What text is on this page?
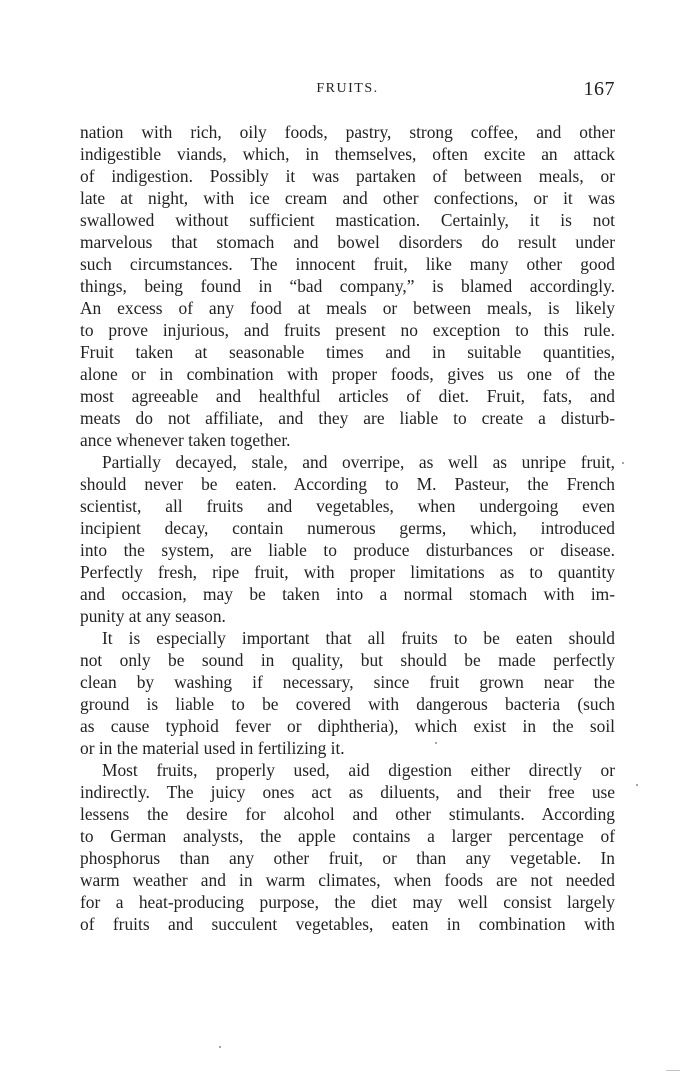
FRUITS.	167
nation with rich, oily foods, pastry, strong coffee, and other
indigestible viands, which, in themselves, often excite an attack
of indigestion. Possibly it was partaken of between meals, or
late at night, with ice cream and other confections, or it was
swallowed without sufficient mastication. Certainly, it is not
marvelous that stomach and bowel disorders do result under
such circumstances. The innocent fruit, like many other good
things, being found in “bad company,” is blamed accordingly.
An excess of any food at meals or between meals, is likely
to prove injurious, and fruits present no exception to this rule.
Fruit taken at seasonable times and in suitable quantities,
alone or in combination with proper foods, gives us one of the
most agreeable and healthful articles of diet. Fruit, fats, and
meats do not affiliate, and they are liable to create a disturb-
ance whenever taken together.
Partially decayed, stale, and overripe, as well as unripe fruit,
should never be eaten. According to M. Pasteur, the French
scientist, all fruits and vegetables, when undergoing even
incipient decay, contain numerous germs, which, introduced
into the system, are liable to produce disturbances or disease.
Perfectly fresh, ripe fruit, with proper limitations as to quantity
and occasion, may be taken into a normal stomach with im-
punity at any season.
It is especially important that all fruits to be eaten should
not only be sound in quality, but should be made perfectly
clean by washing if necessary, since fruit grown near the
ground is liable to be covered with dangerous bacteria (such
as cause typhoid fever or diphtheria), which exist in the soil
or in the material used in fertilizing it.
Most fruits, properly used, aid digestion either directly or
indirectly. The juicy ones act as diluents, and their free use
lessens the desire for alcohol and other stimulants. According
to German analysts, the apple contains a larger percentage of
phosphorus than any other fruit, or than any vegetable. In
warm weather and in warm climates, when foods are not needed
for a heat-producing purpose, the diet may well consist largely
of fruits and succulent vegetables, eaten in combination with
